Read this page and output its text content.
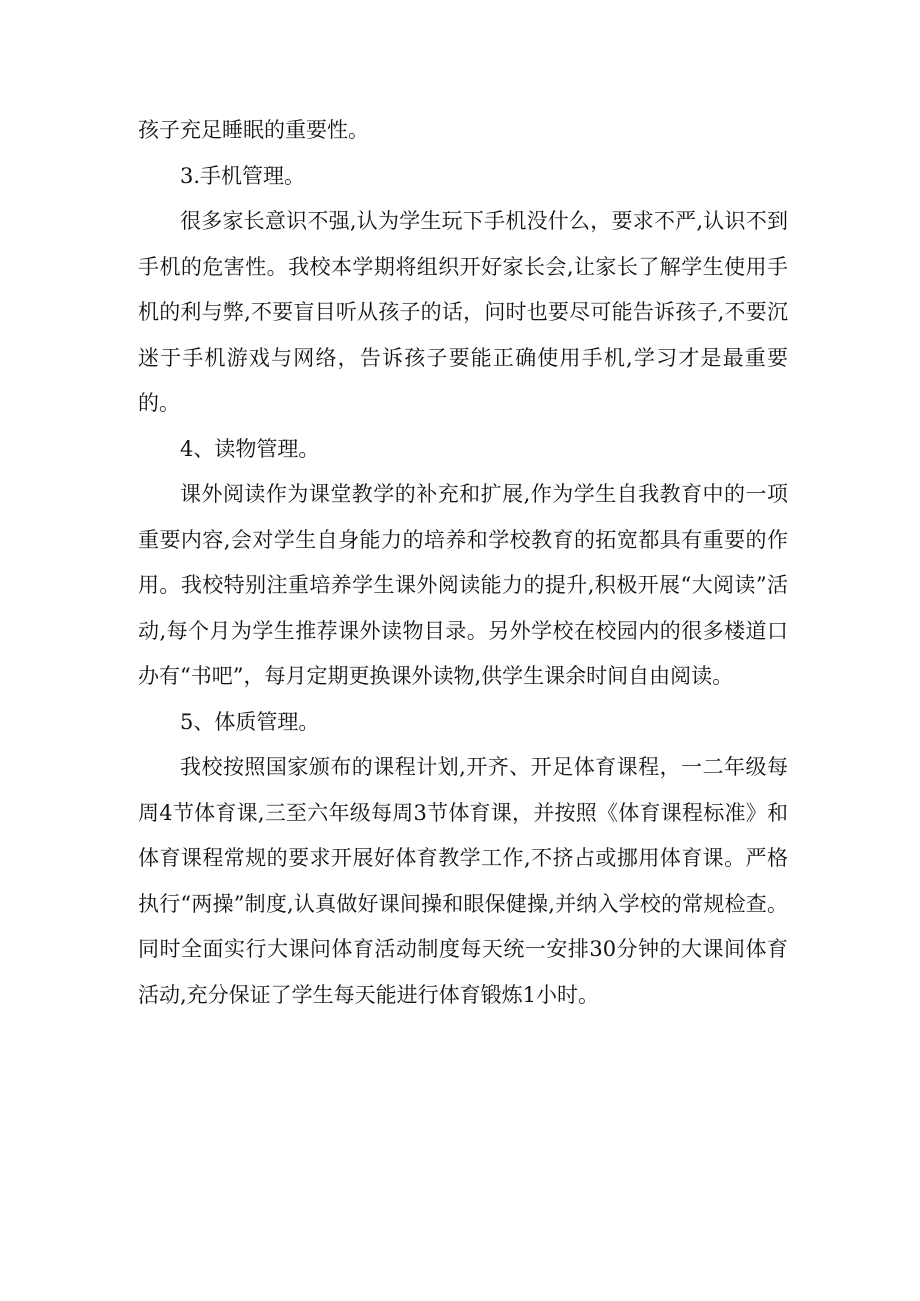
孩子充足睡眠的重要性。

3.手机管理。

很多家长意识不强,认为学生玩下手机没什么，要求不严,认识不到手机的危害性。我校本学期将组织开好家长会,让家长了解学生使用手机的利与弊,不要盲目听从孩子的话，问时也要尽可能告诉孩子,不要沉迷于手机游戏与网络，告诉孩子要能正确使用手机,学习才是最重要的。

4、读物管理。

课外阅读作为课堂教学的补充和扩展,作为学生自我教育中的一项重要内容,会对学生自身能力的培养和学校教育的拓宽都具有重要的作用。我校特别注重培养学生课外阅读能力的提升,积极开展“大阅读”活动,每个月为学生推荐课外读物目录。另外学校在校园内的很多楼道口办有“书吧”，每月定期更换课外读物,供学生课余时间自由阅读。

5、体质管理。

我校按照国家颁布的课程计划,开齐、开足体育课程，一二年级每周4节体育课,三至六年级每周3节体育课，并按照《体育课程标准》和体育课程常规的要求开展好体育教学工作,不挤占或挪用体育课。严格执行“两操”制度,认真做好课间操和眼保健操,并纳入学校的常规检查。同时全面实行大课问体育活动制度每天统一安排30分钟的大课间体育活动,充分保证了学生每天能进行体育锻炼1小时。
